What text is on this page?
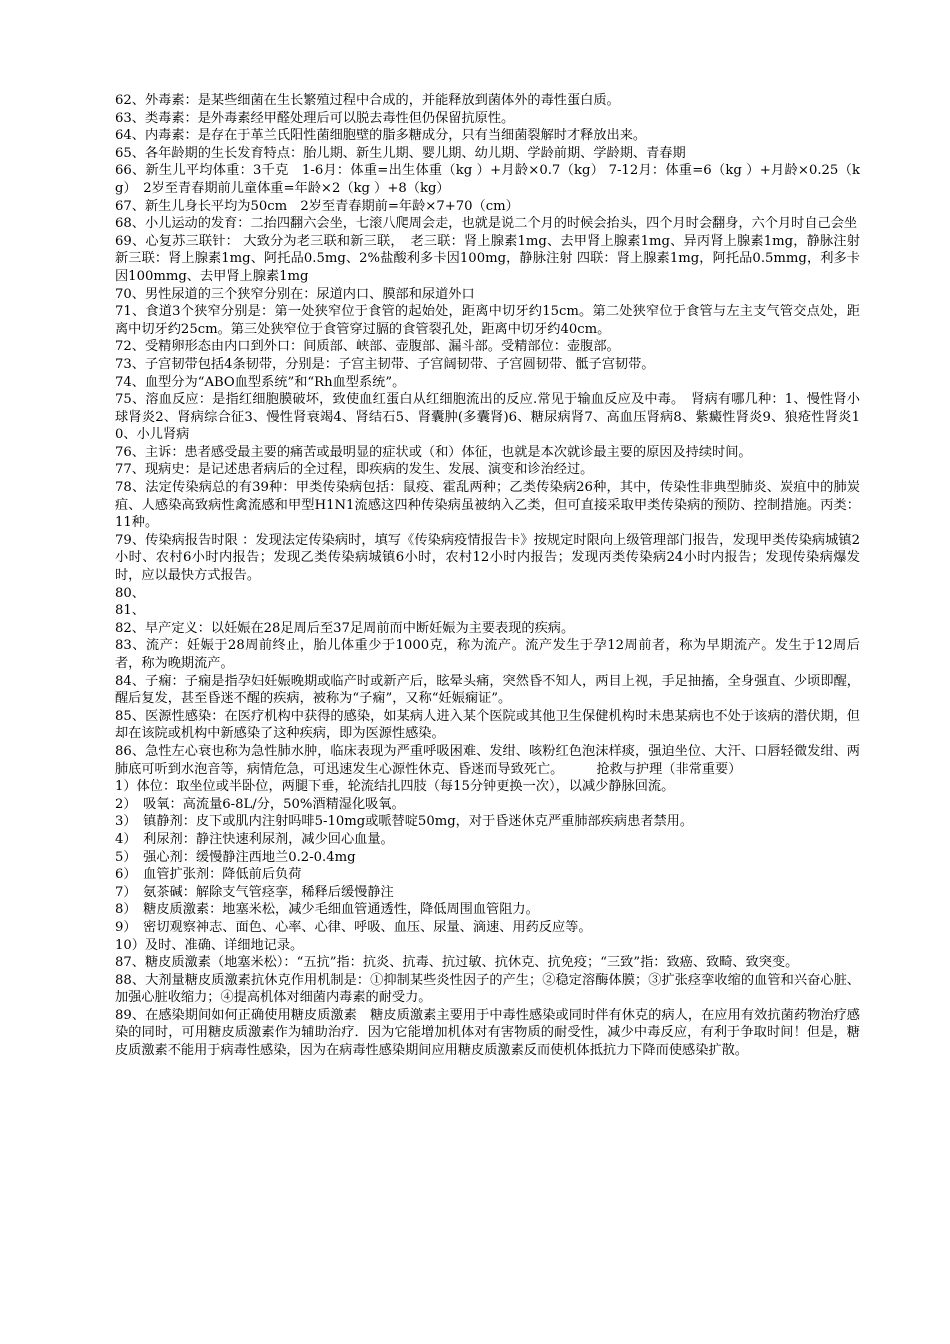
62、外毒素：是某些细菌在生长繁殖过程中合成的，并能释放到菌体外的毒性蛋白质。

63、类毒素：是外毒素经甲醛处理后可以脱去毒性但仍保留抗原性。

64、内毒素：是存在于革兰氏阳性菌细胞壁的脂多糖成分，只有当细菌裂解时才释放出来。

65、各年龄期的生长发育特点：胎儿期、新生儿期、婴儿期、幼儿期、学龄前期、学龄期、青春期

66、新生儿平均体重：3千克　1-6月：体重=出生体重（kg ）+月龄×0.7（kg） 7-12月：体重=6（kg ）+月龄×0.25（kg）　2岁至青春期前儿童体重=年龄×2（kg ）+8（kg）

67、新生儿身长平均为50cm　2岁至青春期前=年龄×7+70（cm）

68、小儿运动的发育：二抬四翻六会坐，七滚八爬周会走，也就是说二个月的时候会抬头，四个月时会翻身，六个月时自己会坐

69、心复苏三联针： 大致分为老三联和新三联，　老三联：肾上腺素1mg、去甲肾上腺素1mg、异丙肾上腺素1mg，静脉注射 新三联：肾上腺素1mg、阿托品0.5mg、2%盐酸利多卡因100mg，静脉注射 四联：肾上腺素1mg，阿托品0.5mmg，利多卡因100mmg、去甲肾上腺素1mg

70、男性尿道的三个狭窄分别在：尿道内口、膜部和尿道外口

71、食道3个狭窄分别是：第一处狭窄位于食管的起始处，距离中切牙约15cm。第二处狭窄位于食管与左主支气管交点处，距离中切牙约25cm。第三处狭窄位于食管穿过膈的食管裂孔处，距离中切牙约40cm。

72、受精卵形态由内口到外口：间质部、峡部、壶腹部、漏斗部。受精部位：壶腹部。

73、子宫韧带包括4条韧带，分别是：子宫主韧带、子宫阔韧带、子宫圆韧带、骶子宫韧带。

74、血型分为“ABO血型系统”和“Rh血型系统”。

75、溶血反应：是指红细胞膜破坏，致使血红蛋白从红细胞流出的反应.常见于输血反应及中毒。　肾病有哪几种：1、慢性肾小球肾炎2、肾病综合征3、慢性肾衰竭4、肾结石5、肾囊肿(多囊肾)6、糖尿病肾7、高血压肾病8、紫癜性肾炎9、狼疮性肾炎10、小儿肾病

76、主诉：患者感受最主要的痛苦或最明显的症状或（和）体征，也就是本次就诊最主要的原因及持续时间。

77、现病史：是记述患者病后的全过程，即疾病的发生、发展、演变和诊治经过。

78、法定传染病总的有39种：甲类传染病包括：鼠疫、霍乱两种；乙类传染病26种，其中，传染性非典型肺炎、炭疽中的肺炭疽、人感染高致病性禽流感和甲型H1N1流感这四种传染病虽被纳入乙类，但可直接采取甲类传染病的预防、控制措施。丙类：11种。

79、传染病报告时限 ：发现法定传染病时，填写《传染病疫情报告卡》按规定时限向上级管理部门报告，发现甲类传染病城镇2小时、农村6小时内报告；发现乙类传染病城镇6小时，农村12小时内报告；发现丙类传染病24小时内报告；发现传染病爆发时，应以最快方式报告。

80、

81、

82、早产定义：以妊娠在28足周后至37足周前而中断妊娠为主要表现的疾病。

83、流产：妊娠于28周前终止，胎儿体重少于1000克，称为流产。流产发生于孕12周前者，称为早期流产。发生于12周后者，称为晚期流产。

84、子痫：子痫是指孕妇妊娠晚期或临产时或新产后，眩晕头痛，突然昏不知人，两目上视，手足抽搐，全身强直、少顷即醒，醒后复发，甚至昏迷不醒的疾病，被称为“子痫”，又称“妊娠痫证”。

85、医源性感染：在医疗机构中获得的感染，如某病人进入某个医院或其他卫生保健机构时未患某病也不处于该病的潜伏期，但却在该院或机构中新感染了这种疾病，即为医源性感染。

86、急性左心衰也称为急性肺水肿，临床表现为严重呼吸困难、发绀、咳粉红色泡沫样痰，强迫坐位、大汗、口唇轻微发绀、两肺底可听到水泡音等，病情危急，可迅速发生心源性休克、昏迷而导致死亡。　　　抢救与护理（非常重要）

1）体位：取坐位或半卧位，两腿下垂，轮流结扎四肢（每15分钟更换一次），以减少静脉回流。

2）　吸氧：高流量6-8L/分，50%酒精湿化吸氧。

3）　镇静剂：皮下或肌内注射吗啡5-10mg或哌替啶50mg，对于昏迷休克严重肺部疾病患者禁用。

4）　利尿剂：静注快速利尿剂，减少回心血量。

5）　强心剂：缓慢静注西地兰0.2-0.4mg

6）　血管扩张剂：降低前后负荷

7）　氨茶碱：解除支气管痉挛，稀释后缓慢静注

8）　糖皮质激素：地塞米松，减少毛细血管通透性，降低周围血管阻力。

9）　密切观察神志、面色、心率、心律、呼吸、血压、尿量、滴速、用药反应等。

10）及时、准确、详细地记录。

87、糖皮质激素（地塞米松）：“五抗”指：抗炎、抗毒、抗过敏、抗休克、抗免疫；“三致”指：致癌、致畸、致突变。

88、大剂量糖皮质激素抗休克作用机制是：①抑制某些炎性因子的产生；②稳定溶酶体膜；③扩张痉挛收缩的血管和兴奋心脏、加强心脏收缩力；④提高机体对细菌内毒素的耐受力。

89、在感染期间如何正确使用糖皮质激素　糖皮质激素主要用于中毒性感染或同时伴有休克的病人，在应用有效抗菌药物治疗感染的同时，可用糖皮质激素作为辅助治疗．因为它能增加机体对有害物质的耐受性，减少中毒反应，有利于争取时间！但是，糖皮质激素不能用于病毒性感染，因为在病毒性感染期间应用糖皮质激素反而使机体抵抗力下降而使感染扩散。
